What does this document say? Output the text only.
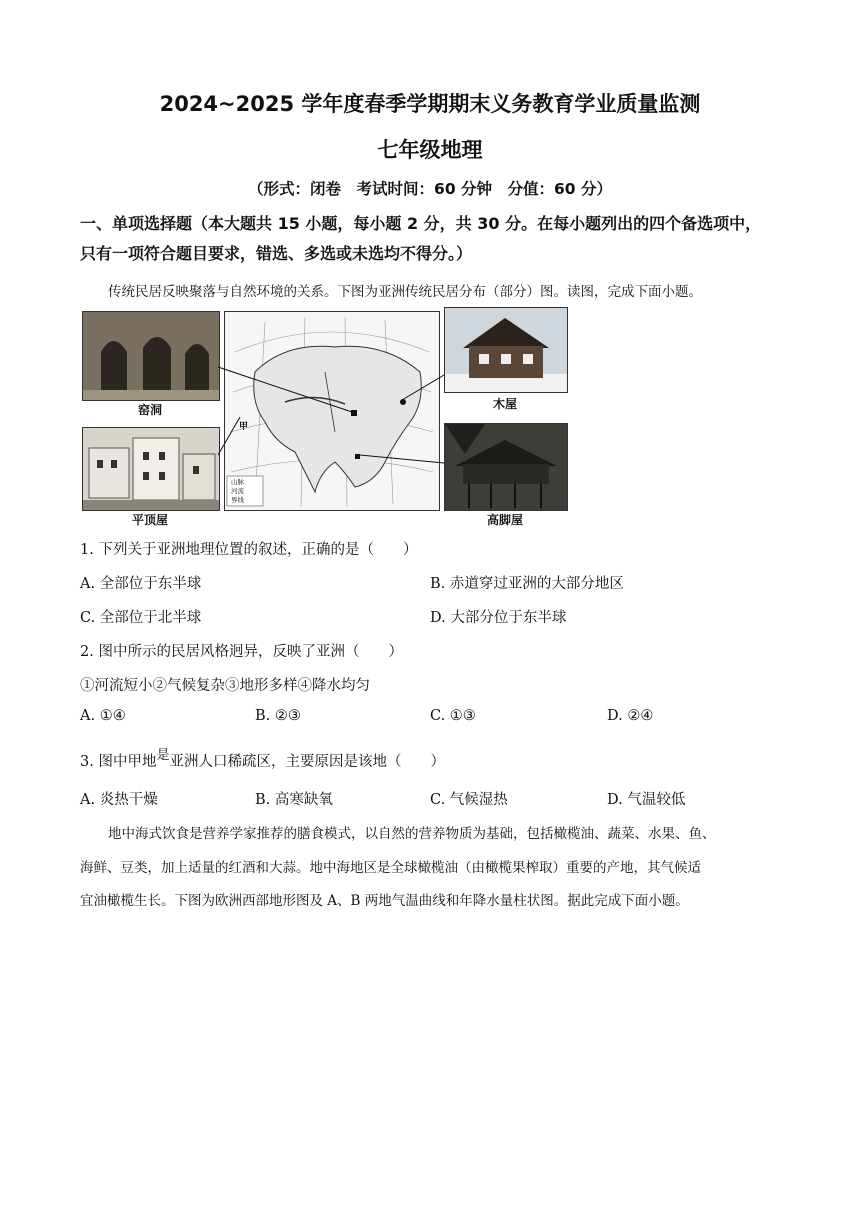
2024~2025 学年度春季学期期末义务教育学业质量监测
七年级地理
（形式：闭卷　考试时间：60 分钟　分值：60 分）
一、单项选择题（本大题共 15 小题，每小题 2 分，共 30 分。在每小题列出的四个备选项中，
只有一项符合题目要求，错选、多选或未选均不得分。）
传统民居反映聚落与自然环境的关系。下图为亚洲传统民居分布（部分）图。读图，完成下面小题。
窑洞
平顶屋
甲
山脉
河流
界线
木屋
高脚屋
1. 下列关于亚洲地理位置的叙述，正确的是（　　）
A. 全部位于东半球	B. 赤道穿过亚洲的大部分地区
C. 全部位于北半球	D. 大部分位于东半球
2. 图中所示的民居风格迥异，反映了亚洲（　　）
①河流短小②气候复杂③地形多样④降水均匀
A. ①④	B. ②③	C. ①③	D. ②④
3. 图中甲地是亚洲人口稀疏区，主要原因是该地（　　）
A. 炎热干燥	B. 高寒缺氧	C. 气候湿热	D. 气温较低
地中海式饮食是营养学家推荐的膳食模式，以自然的营养物质为基础，包括橄榄油、蔬菜、水果、鱼、
海鲜、豆类，加上适量的红酒和大蒜。地中海地区是全球橄榄油（由橄榄果榨取）重要的产地，其气候适
宜油橄榄生长。下图为欧洲西部地形图及 A、B 两地气温曲线和年降水量柱状图。据此完成下面小题。
